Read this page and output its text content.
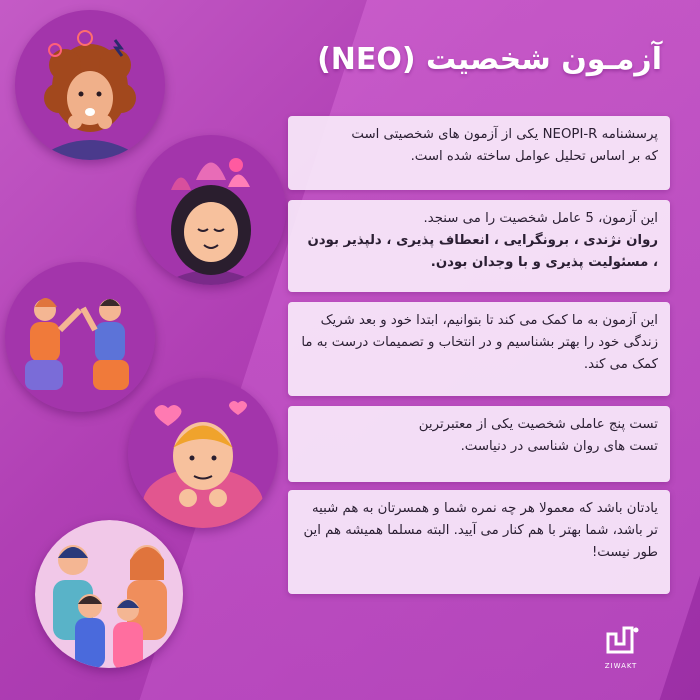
آزمـون شخصیت (NEO)
پرسشنامه NEOPI-R یکی از آزمون های شخصیتی است
که بر اساس تحلیل عوامل ساخته شده است.

این آزمون، 5 عامل شخصیت را می سنجد.

روان نژندی ، برونگرایی ، انعطاف پذیری ، دلپذیر بودن ، مسئولیت پذیری و با وجدان بودن.

این آزمون به ما کمک می کند تا بتوانیم، ابتدا خود و بعد شریک زندگی خود را بهتر بشناسیم و در انتخاب و تصمیمات درست به ما کمک می کند.

تست پنج عاملی شخصیت یکی از معتبرترین
تست های روان شناسی در دنیاست.

یادتان باشد که معمولا هر چه نمره شما و همسرتان به هم شبیه تر باشد، شما بهتر با هم کنار می آیید. البته مسلما همیشه هم این طور نیست!

ZIWAKT
